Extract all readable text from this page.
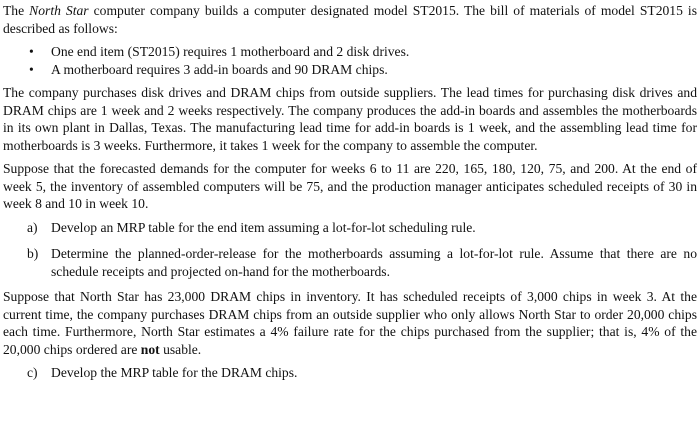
The North Star computer company builds a computer designated model ST2015. The bill of materials of model ST2015 is described as follows:

• One end item (ST2015) requires 1 motherboard and 2 disk drives.
• A motherboard requires 3 add-in boards and 90 DRAM chips.

The company purchases disk drives and DRAM chips from outside suppliers. The lead times for purchasing disk drives and DRAM chips are 1 week and 2 weeks respectively. The company produces the add-in boards and assembles the motherboards in its own plant in Dallas, Texas. The manufacturing lead time for add-in boards is 1 week, and the assembling lead time for motherboards is 3 weeks. Furthermore, it takes 1 week for the company to assemble the computer.

Suppose that the forecasted demands for the computer for weeks 6 to 11 are 220, 165, 180, 120, 75, and 200. At the end of week 5, the inventory of assembled computers will be 75, and the production manager anticipates scheduled receipts of 30 in week 8 and 10 in week 10.

a) Develop an MRP table for the end item assuming a lot-for-lot scheduling rule.

b) Determine the planned-order-release for the motherboards assuming a lot-for-lot rule. Assume that there are no schedule receipts and projected on-hand for the motherboards.

Suppose that North Star has 23,000 DRAM chips in inventory. It has scheduled receipts of 3,000 chips in week 3. At the current time, the company purchases DRAM chips from an outside supplier who only allows North Star to order 20,000 chips each time. Furthermore, North Star estimates a 4% failure rate for the chips purchased from the supplier; that is, 4% of the 20,000 chips ordered are not usable.

c) Develop the MRP table for the DRAM chips.
